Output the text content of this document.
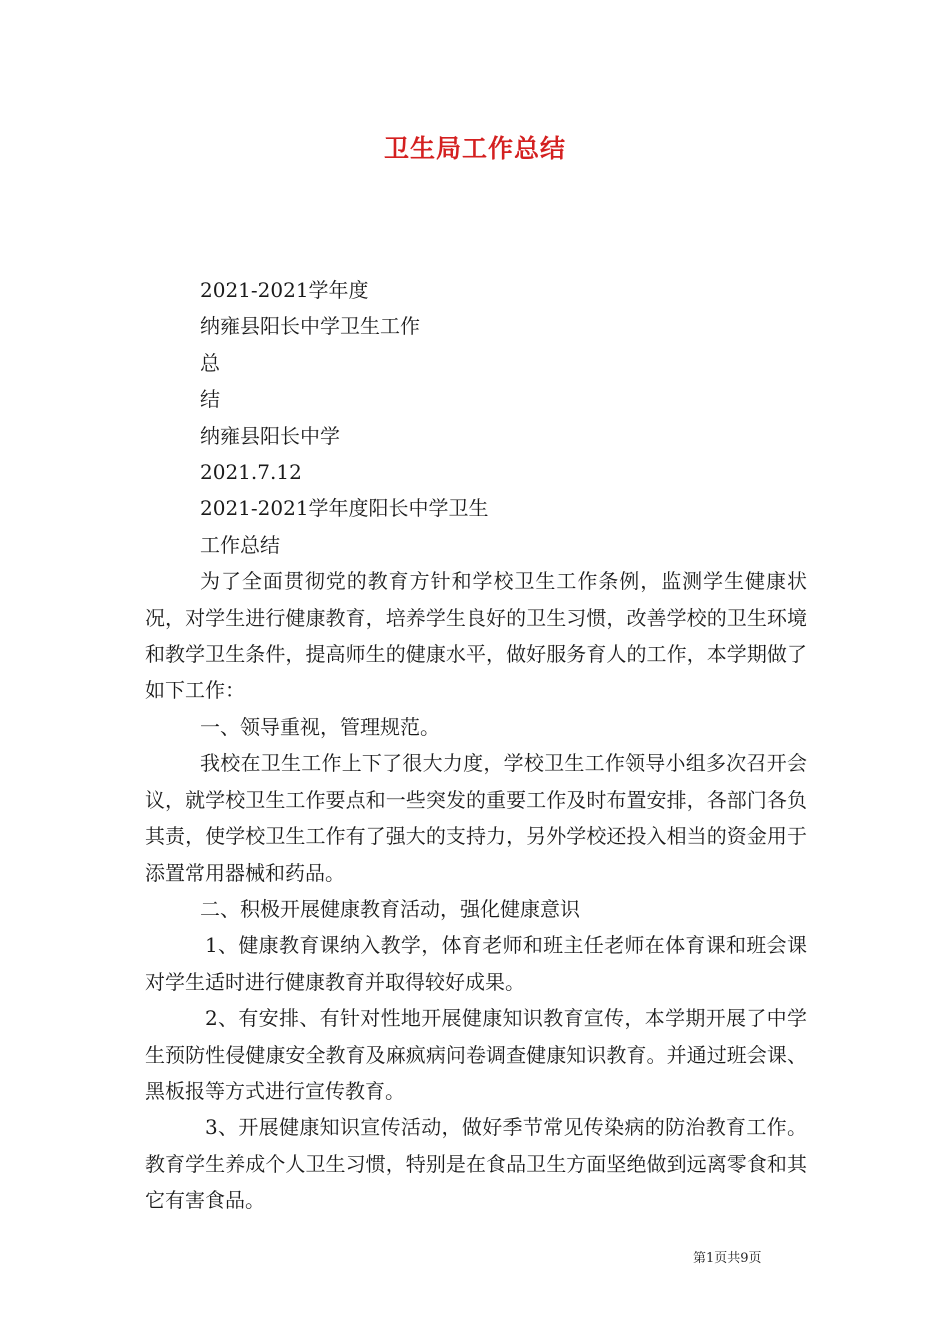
卫生局工作总结
2021-2021学年度
纳雍县阳长中学卫生工作
总
结
纳雍县阳长中学
2021.7.12
2021-2021学年度阳长中学卫生
工作总结
为了全面贯彻党的教育方针和学校卫生工作条例，监测学生健康状况，对学生进行健康教育，培养学生良好的卫生习惯，改善学校的卫生环境和教学卫生条件，提高师生的健康水平，做好服务育人的工作，本学期做了如下工作：
一、领导重视，管理规范。
我校在卫生工作上下了很大力度，学校卫生工作领导小组多次召开会议，就学校卫生工作要点和一些突发的重要工作及时布置安排，各部门各负其责，使学校卫生工作有了强大的支持力，另外学校还投入相当的资金用于添置常用器械和药品。
二、积极开展健康教育活动，强化健康意识
1、健康教育课纳入教学，体育老师和班主任老师在体育课和班会课对学生适时进行健康教育并取得较好成果。
2、有安排、有针对性地开展健康知识教育宣传，本学期开展了中学生预防性侵健康安全教育及麻疯病问卷调查健康知识教育。并通过班会课、黑板报等方式进行宣传教育。
3、开展健康知识宣传活动，做好季节常见传染病的防治教育工作。教育学生养成个人卫生习惯，特别是在食品卫生方面坚绝做到远离零食和其它有害食品。
第1页共9页
